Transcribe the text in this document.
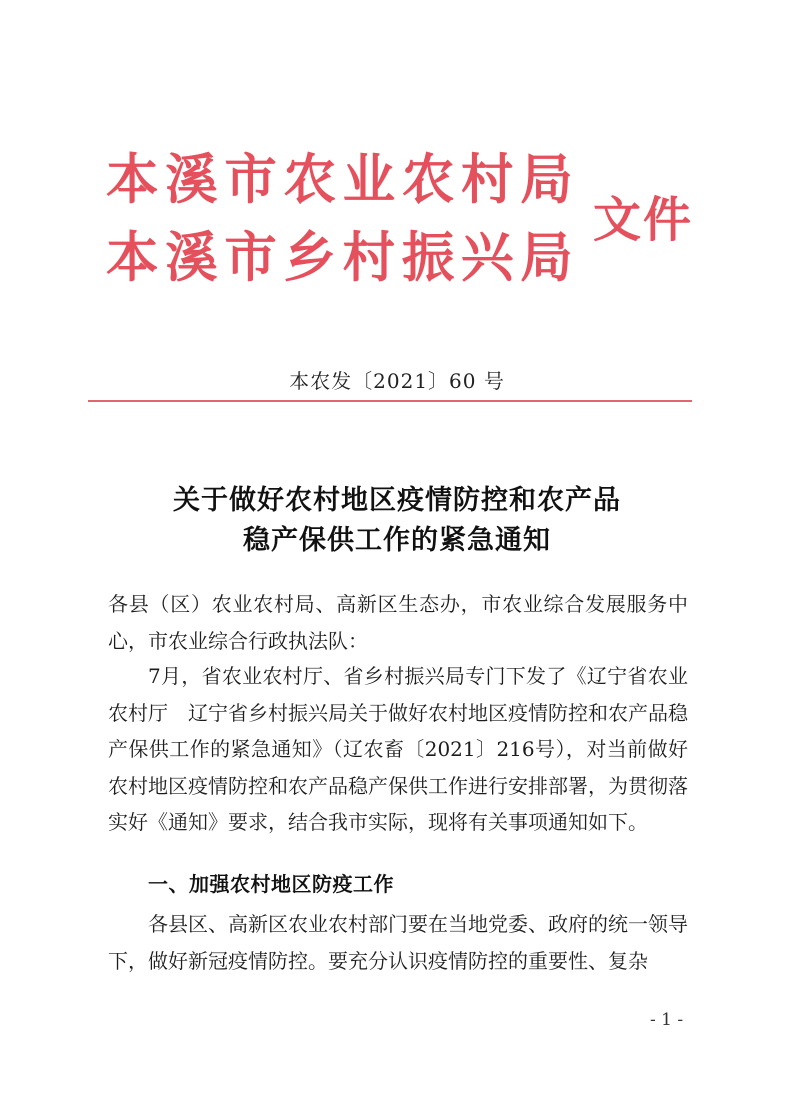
本溪市农业农村局
本溪市乡村振兴局
文件
本农发〔2021〕60 号
关于做好农村地区疫情防控和农产品
稳产保供工作的紧急通知
各县（区）农业农村局、高新区生态办，市农业综合发展服务中心，市农业综合行政执法队：
7月，省农业农村厅、省乡村振兴局专门下发了《辽宁省农业农村厅　辽宁省乡村振兴局关于做好农村地区疫情防控和农产品稳产保供工作的紧急通知》（辽农畜〔2021〕216号），对当前做好农村地区疫情防控和农产品稳产保供工作进行安排部署，为贯彻落实好《通知》要求，结合我市实际，现将有关事项通知如下。
一、加强农村地区防疫工作
各县区、高新区农业农村部门要在当地党委、政府的统一领导下，做好新冠疫情防控。要充分认识疫情防控的重要性、复杂
- 1 -
